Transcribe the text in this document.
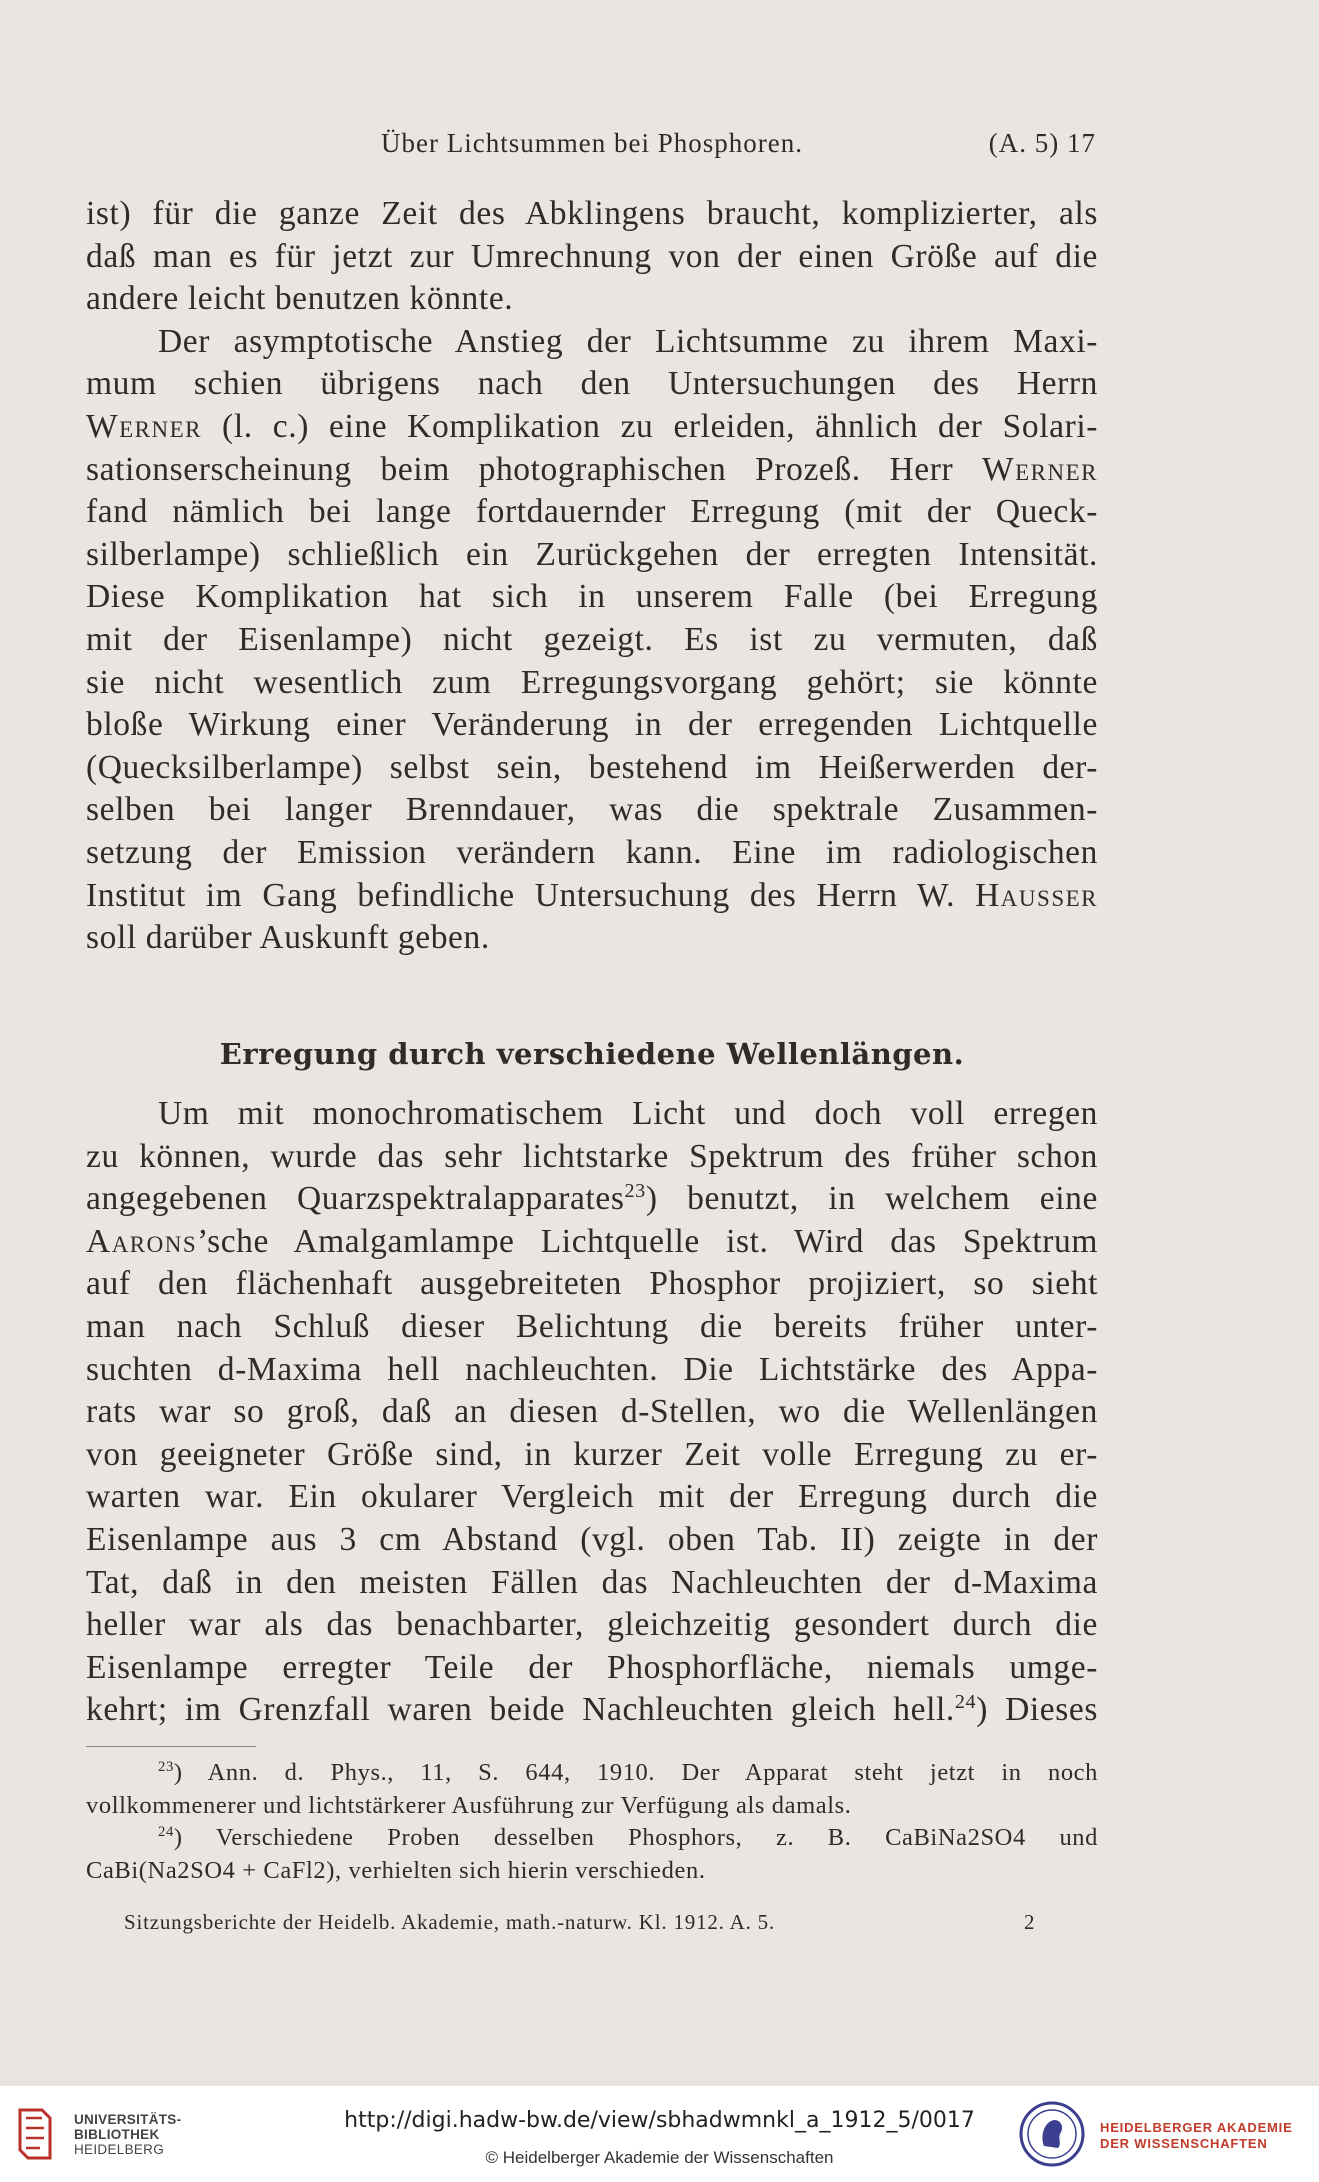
Über Lichtsummen bei Phosphoren.	(A. 5) 17
ist) für die ganze Zeit des Abklingens braucht, komplizierter, als
daß man es für jetzt zur Umrechnung von der einen Größe auf die
andere leicht benutzen könnte.
Der asymptotische Anstieg der Lichtsumme zu ihrem Maxi-
mum schien übrigens nach den Untersuchungen des Herrn
Werner (l. c.) eine Komplikation zu erleiden, ähnlich der Solari-
sationserscheinung beim photographischen Prozeß. Herr Werner
fand nämlich bei lange fortdauernder Erregung (mit der Queck-
silberlampe) schließlich ein Zurückgehen der erregten Intensität.
Diese Komplikation hat sich in unserem Falle (bei Erregung
mit der Eisenlampe) nicht gezeigt. Es ist zu vermuten, daß
sie nicht wesentlich zum Erregungsvorgang gehört; sie könnte
bloße Wirkung einer Veränderung in der erregenden Lichtquelle
(Quecksilberlampe) selbst sein, bestehend im Heißerwerden der-
selben bei langer Brenndauer, was die spektrale Zusammen-
setzung der Emission verändern kann. Eine im radiologischen
Institut im Gang befindliche Untersuchung des Herrn W. Hausser
soll darüber Auskunft geben.
Erregung durch verschiedene Wellenlängen.
Um mit monochromatischem Licht und doch voll erregen
zu können, wurde das sehr lichtstarke Spektrum des früher schon
angegebenen Quarzspektralapparates$^{23}$) benutzt, in welchem eine
Aarons’sche Amalgamlampe Lichtquelle ist. Wird das Spektrum
auf den flächenhaft ausgebreiteten Phosphor projiziert, so sieht
man nach Schluß dieser Belichtung die bereits früher unter-
suchten d-Maxima hell nachleuchten. Die Lichtstärke des Appa-
rats war so groß, daß an diesen d-Stellen, wo die Wellenlängen
von geeigneter Größe sind, in kurzer Zeit volle Erregung zu er-
warten war. Ein okularer Vergleich mit der Erregung durch die
Eisenlampe aus 3 cm Abstand (vgl. oben Tab. II) zeigte in der
Tat, daß in den meisten Fällen das Nachleuchten der d-Maxima
heller war als das benachbarter, gleichzeitig gesondert durch die
Eisenlampe erregter Teile der Phosphorfläche, niemals umge-
kehrt; im Grenzfall waren beide Nachleuchten gleich hell.$^{24}$) Dieses
$^{23}$) Ann. d. Phys., 11, S. 644, 1910. Der Apparat steht jetzt in noch
vollkommenerer und lichtstärkerer Ausführung zur Verfügung als damals.
$^{24}$) Verschiedene Proben desselben Phosphors, z. B. CaBiNa2SO4 und
CaBi(Na2SO4 + CaFl2), verhielten sich hierin verschieden.
Sitzungsberichte der Heidelb. Akademie, math.-naturw. Kl. 1912. A. 5.	2
UNIVERSITÄTS-
BIBLIOTHEK
HEIDELBERG
http://digi.hadw-bw.de/view/sbhadwmnkl_a_1912_5/0017
© Heidelberger Akademie der Wissenschaften
HEIDELBERGER AKADEMIE
DER WISSENSCHAFTEN
